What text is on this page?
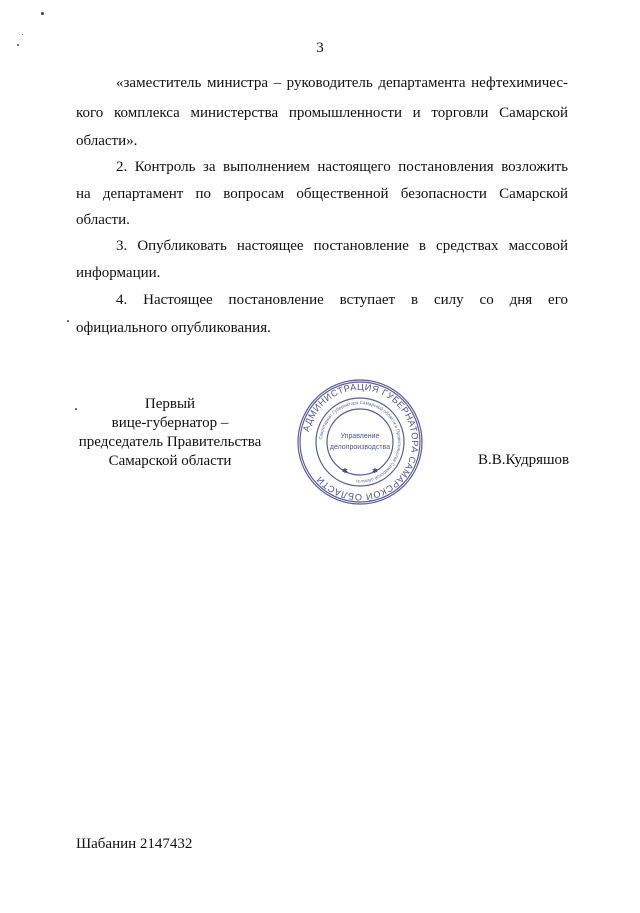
3
«заместитель министра – руководитель департамента нефтехимичес-
кого комплекса министерства промышленности и торговли Самарской
области».
2. Контроль за выполнением настоящего постановления возложить
на департамент по вопросам общественной безопасности Самарской
области.
3. Опубликовать настоящее постановление в средствах массовой
информации.
4. Настоящее постановление вступает в силу со дня его
официального опубликования.
Первый
вице-губернатор –
председатель Правительства
Самарской области
АДМИНИСТРАЦИЯ ГУБЕРНАТОРА САМАРСКОЙ ОБЛАСТИ
Секретариат Губернатора Самарской области и Правительства Самарской области
Управление
делопроизводства
✱	✱
В.В.Кудряшов
Шабанин 2147432
